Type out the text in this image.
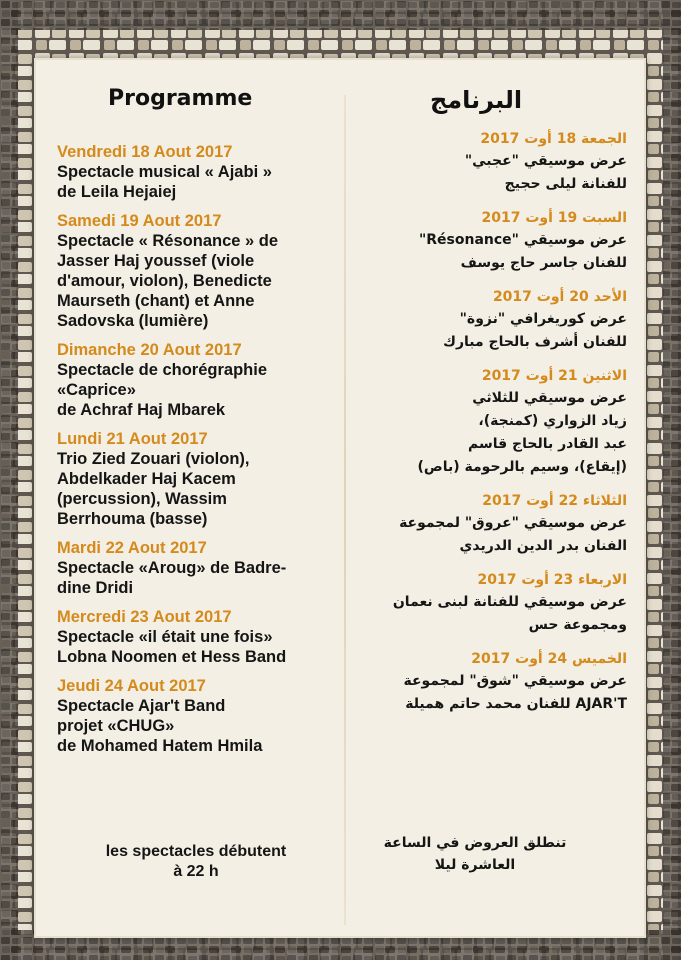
Programme	البرنامج
Vendredi 18 Aout 2017
Spectacle musical « Ajabi »
de Leila Hejaiej
Samedi 19 Aout 2017
Spectacle « Résonance » de
Jasser Haj youssef (viole
d'amour, violon), Benedicte
Maurseth (chant) et Anne
Sadovska (lumière)
Dimanche 20 Aout 2017
Spectacle de chorégraphie
«Caprice»
de Achraf Haj Mbarek
Lundi 21 Aout 2017
Trio Zied Zouari (violon),
Abdelkader Haj Kacem
(percussion), Wassim
Berrhouma (basse)
Mardi 22 Aout 2017
Spectacle «Aroug» de Badre-
dine Dridi
Mercredi 23 Aout 2017
Spectacle «il était une fois»
Lobna Noomen et Hess Band
Jeudi 24 Aout 2017
Spectacle Ajar't Band
projet «CHUG»
de Mohamed Hatem Hmila
الجمعة 18 أوت 2017
عرض موسيقي "عجبي"
للفنانة ليلى حجيج
السبت 19 أوت 2017
عرض موسيقي "Résonance"
للفنان جاسر حاج يوسف
الأحد 20 أوت 2017
عرض كوريغرافي "نزوة"
للفنان أشرف بالحاج مبارك
الاثنين 21 أوت 2017
عرض موسيقي للثلاثي
زياد الزواري (كمنجة)،
عبد القادر بالحاج قاسم
(إيقاع)، وسيم بالرحومة (باص)
الثلاثاء 22 أوت 2017
عرض موسيقي "عروق" لمجموعة
الفنان بدر الدين الدريدي
الاربعاء 23 أوت 2017
عرض موسيقي للفنانة لبنى نعمان
ومجموعة حس
الخميس 24 أوت 2017
عرض موسيقي "شوق" لمجموعة
AJAR'T للفنان محمد حاتم هميلة
les spectacles débutent
à 22 h
تنطلق العروض في الساعة
العاشرة ليلا
